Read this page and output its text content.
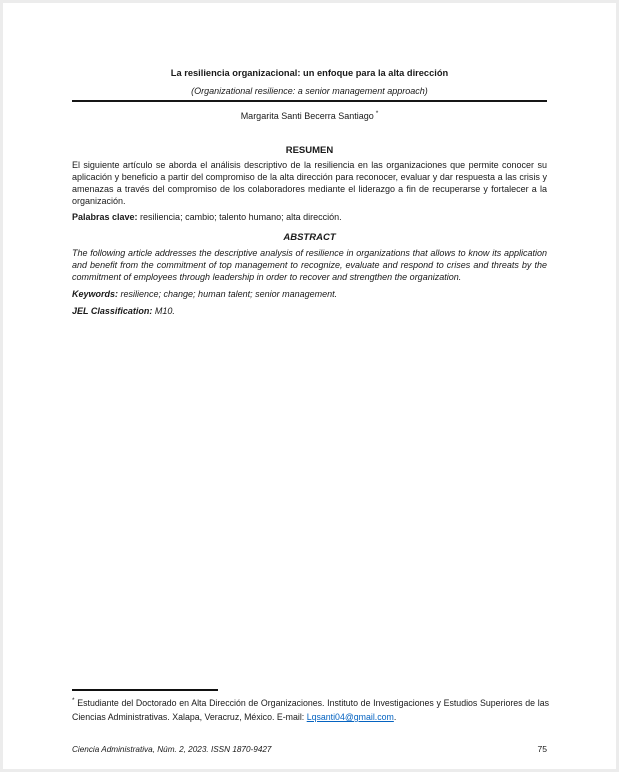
La resiliencia organizacional: un enfoque para la alta dirección
(Organizational resilience: a senior management approach)
Margarita Santi Becerra Santiago *
RESUMEN

El siguiente artículo se aborda el análisis descriptivo de la resiliencia en las organizaciones que permite conocer su aplicación y beneficio a partir del compromiso de la alta dirección para reconocer, evaluar y dar respuesta a las crisis y amenazas a través del compromiso de los colaboradores mediante el liderazgo a fin de recuperarse y fortalecer a la organización.

Palabras clave: resiliencia; cambio; talento humano; alta dirección.

ABSTRACT

The following article addresses the descriptive analysis of resilience in organizations that allows to know its application and benefit from the commitment of top management to recognize, evaluate and respond to crises and threats by the commitment of employees through leadership in order to recover and strengthen the organization.

Keywords: resilience; change; human talent; senior management.

JEL Classification: M10.

* Estudiante del Doctorado en Alta Dirección de Organizaciones. Instituto de Investigaciones y Estudios Superiores de las Ciencias Administrativas. Xalapa, Veracruz, México. E-mail: Lqsanti04@gmail.com.

Ciencia Administrativa, Núm. 2, 2023. ISSN 1870-9427	75
